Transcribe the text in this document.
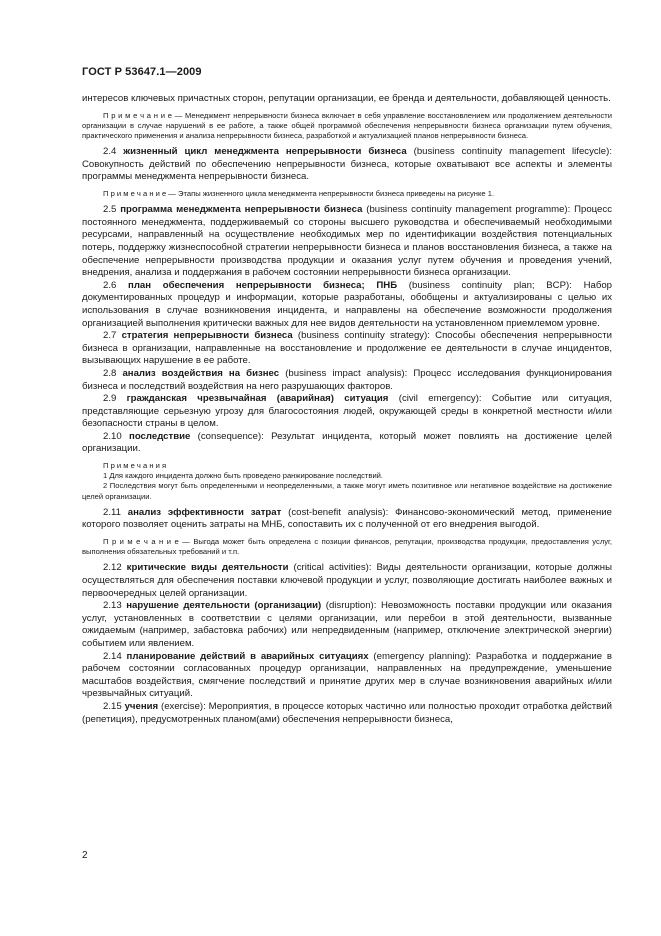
ГОСТ Р 53647.1—2009

интересов ключевых причастных сторон, репутации организации, ее бренда и деятельности, добавляющей ценность.

П р и м е ч а н и е — Менеджмент непрерывности бизнеса включает в себя управление восстановлением или продолжением деятельности организации в случае нарушений в ее работе, а также общей программой обеспечения непрерывности бизнеса организации путем обучения, практического применения и анализа непрерывности бизнеса, разработкой и актуализацией планов непрерывности бизнеса.

2.4 жизненный цикл менеджмента непрерывности бизнеса (business continuity management lifecycle): Совокупность действий по обеспечению непрерывности бизнеса, которые охватывают все аспекты и элементы программы менеджмента непрерывности бизнеса.

П р и м е ч а н и е — Этапы жизненного цикла менеджмента непрерывности бизнеса приведены на рисунке 1.

2.5 программа менеджмента непрерывности бизнеса (business continuity management programme): Процесс постоянного менеджмента, поддерживаемый со стороны высшего руководства и обеспечиваемый необходимыми ресурсами, направленный на осуществление необходимых мер по идентификации воздействия потенциальных потерь, поддержку жизнеспособной стратегии непрерывности бизнеса и планов восстановления бизнеса, а также на обеспечение непрерывности производства продукции и оказания услуг путем обучения и проведения учений, внедрения, анализа и поддержания в рабочем состоянии непрерывности бизнеса организации.

2.6 план обеспечения непрерывности бизнеса; ПНБ (business continuity plan; BCP): Набор документированных процедур и информации, которые разработаны, обобщены и актуализированы с целью их использования в случае возникновения инцидента, и направлены на обеспечение возможности продолжения организацией выполнения критически важных для нее видов деятельности на установленном приемлемом уровне.

2.7 стратегия непрерывности бизнеса (business continuity strategy): Способы обеспечения непрерывности бизнеса в организации, направленные на восстановление и продолжение ее деятельности в случае инцидентов, вызывающих нарушение в ее работе.

2.8 анализ воздействия на бизнес (business impact analysis): Процесс исследования функционирования бизнеса и последствий воздействия на него разрушающих факторов.

2.9 гражданская чрезвычайная (аварийная) ситуация (civil emergency): Событие или ситуация, представляющие серьезную угрозу для благосостояния людей, окружающей среды в конкретной местности и/или безопасности страны в целом.

2.10 последствие (consequence): Результат инцидента, который может повлиять на достижение целей организации.

П р и м е ч а н и я

1 Для каждого инцидента должно быть проведено ранжирование последствий.

2 Последствия могут быть определенными и неопределенными, а также могут иметь позитивное или негативное воздействие на достижение целей организации.

2.11 анализ эффективности затрат (cost-benefit analysis): Финансово-экономический метод, применение которого позволяет оценить затраты на МНБ, сопоставить их с полученной от его внедрения выгодой.

П р и м е ч а н и е — Выгода может быть определена с позиции финансов, репутации, производства продукции, предоставления услуг, выполнения обязательных требований и т.п.

2.12 критические виды деятельности (critical activities): Виды деятельности организации, которые должны осуществляться для обеспечения поставки ключевой продукции и услуг, позволяющие достигать наиболее важных и первоочередных целей организации.

2.13 нарушение деятельности (организации) (disruption): Невозможность поставки продукции или оказания услуг, установленных в соответствии с целями организации, или перебои в этой деятельности, вызванные ожидаемым (например, забастовка рабочих) или непредвиденным (например, отключение электрической энергии) событием или явлением.

2.14 планирование действий в аварийных ситуациях (emergency planning): Разработка и поддержание в рабочем состоянии согласованных процедур организации, направленных на предупреждение, уменьшение масштабов воздействия, смягчение последствий и принятие других мер в случае возникновения аварийных и/или чрезвычайных ситуаций.

2.15 учения (exercise): Мероприятия, в процессе которых частично или полностью проходит отработка действий (репетиция), предусмотренных планом(ами) обеспечения непрерывности бизнеса,

2
